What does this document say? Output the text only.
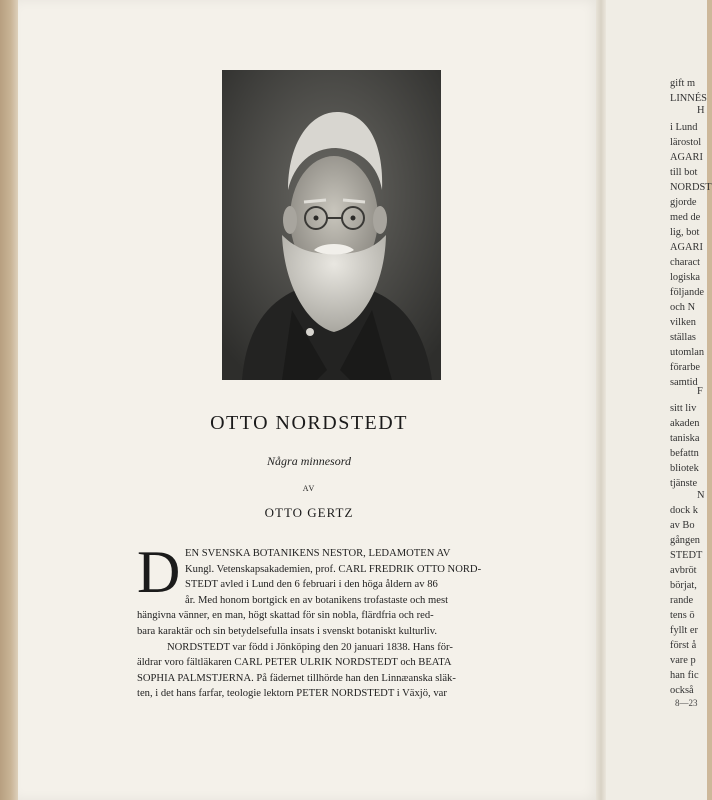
OTTO NORDSTEDT
Några minnesord
AV
OTTO GERTZ
D EN SVENSKA BOTANIKENS NESTOR, LEDAMOTEN AV
Kungl. Vetenskapsakademien, prof. CARL FREDRIK OTTO NORD-
STEDT avled i Lund den 6 februari i den höga åldern av 86
år. Med honom bortgick en av botanikens trofastaste och mest
hängivna vänner, en man, högt skattad för sin nobla, flärdfria och red-
bara karaktär och sin betydelsefulla insats i svenskt botaniskt kulturliv.
NORDSTEDT var född i Jönköping den 20 januari 1838. Hans för-
äldrar voro fältläkaren CARL PETER ULRIK NORDSTEDT och BEATA
SOPHIA PALMSTJERNA. På fädernet tillhörde han den Linnæanska släk-
ten, i det hans farfar, teologie lektorn PETER NORDSTEDT i Växjö, var
gift m
LINNÉS
H
i Lund
lärostol
AGARI
till bot
NORDST
gjorde
med de
lig, bot
AGARI
charact
logiska
följande
och N
vilken
ställas
utomlan
förarbe
samtid
F
sitt liv
akaden
taniska
befattn
bliotek
tjänste
N
dock k
av Bo
gången
STEDT
avbröt
börjat,
rande
tens ö
fyllt er
först å
vare p
han fic
också
8—23
